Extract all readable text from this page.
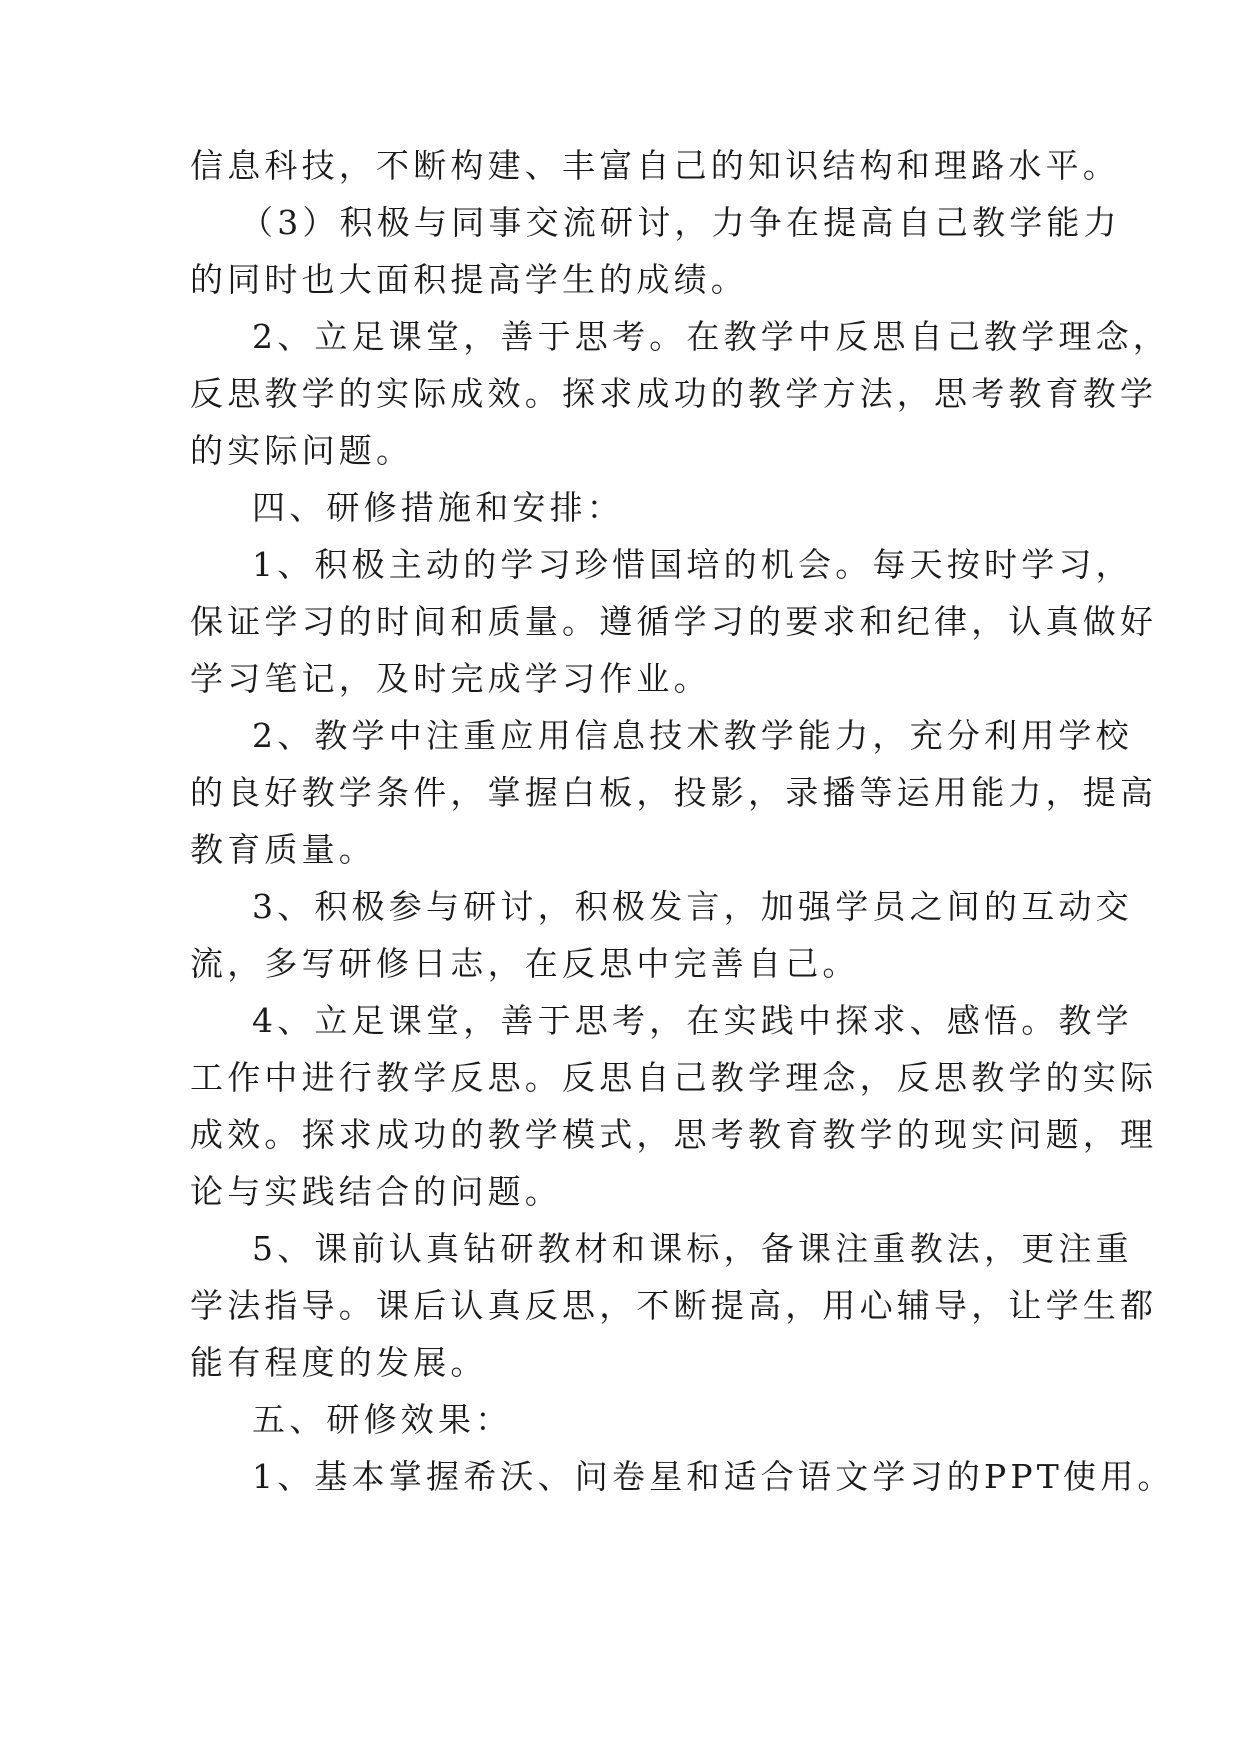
信息科技，不断构建、丰富自己的知识结构和理路水平。
（3）积极与同事交流研讨，力争在提高自己教学能力
的同时也大面积提高学生的成绩。
2、立足课堂，善于思考。在教学中反思自己教学理念，
反思教学的实际成效。探求成功的教学方法，思考教育教学
的实际问题。
四、研修措施和安排：
1、积极主动的学习珍惜国培的机会。每天按时学习，
保证学习的时间和质量。遵循学习的要求和纪律，认真做好
学习笔记，及时完成学习作业。
2、教学中注重应用信息技术教学能力，充分利用学校
的良好教学条件，掌握白板，投影，录播等运用能力，提高
教育质量。
3、积极参与研讨，积极发言，加强学员之间的互动交
流，多写研修日志，在反思中完善自己。
4、立足课堂，善于思考，在实践中探求、感悟。教学
工作中进行教学反思。反思自己教学理念，反思教学的实际
成效。探求成功的教学模式，思考教育教学的现实问题，理
论与实践结合的问题。
5、课前认真钻研教材和课标，备课注重教法，更注重
学法指导。课后认真反思，不断提高，用心辅导，让学生都
能有程度的发展。
五、研修效果：
1、基本掌握希沃、问卷星和适合语文学习的PPT使用。
